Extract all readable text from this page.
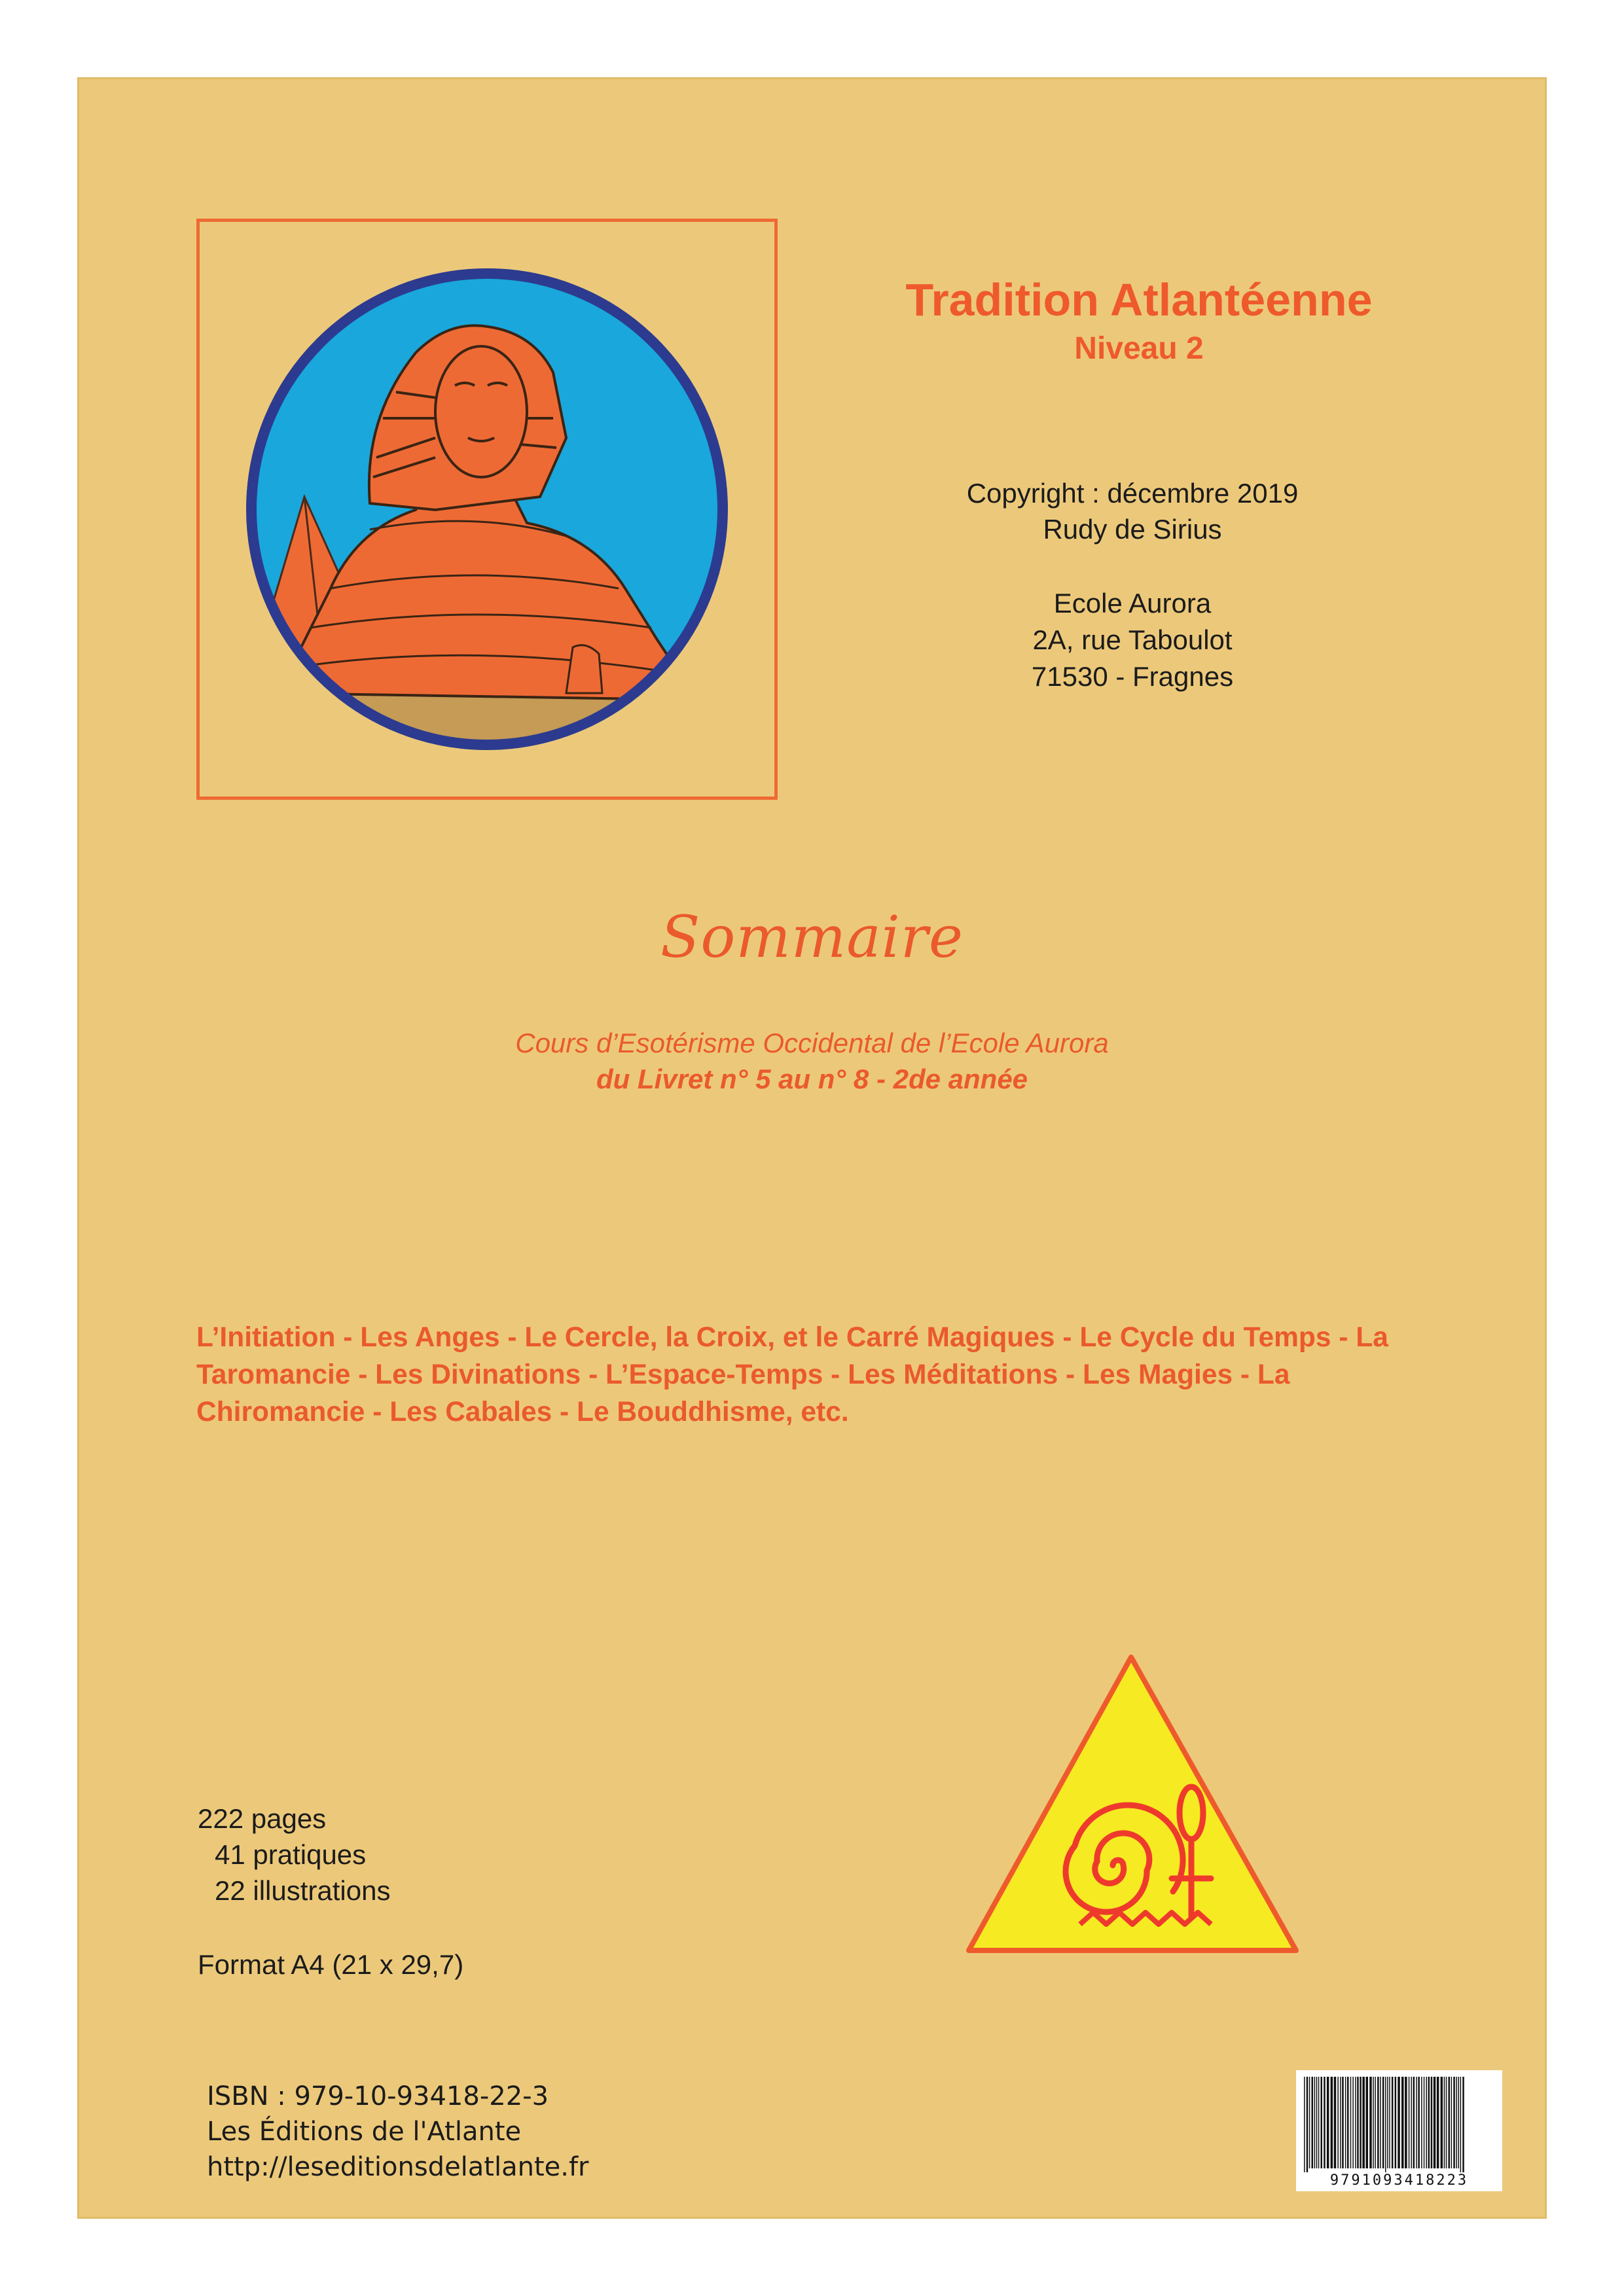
Tradition Atlantéenne
Niveau 2
Copyright : décembre 2019
Rudy de Sirius
Ecole Aurora
2A, rue Taboulot
71530 - Fragnes
Sommaire
Cours d’Esotérisme Occidental de l’Ecole Aurora
du Livret n° 5 au n° 8 - 2de année
L’Initiation - Les Anges - Le Cercle, la Croix, et le Carré Magiques - Le Cycle du Temps - La Taromancie - Les Divinations - L’Espace-Temps - Les Méditations - Les Magies - La Chiromancie - Les Cabales - Le Bouddhisme, etc.
222 pages
41 pratiques
22 illustrations
Format A4 (21 x 29,7)
ISBN : 979-10-93418-22-3
Les Éditions de l'Atlante
http://leseditionsdelatlante.fr	9791093418223
